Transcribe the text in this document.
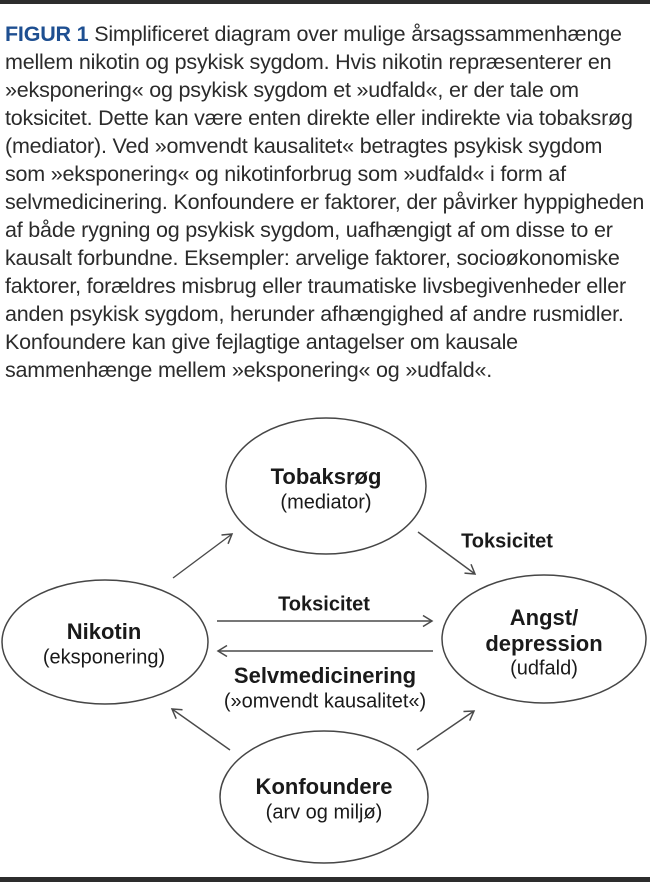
FIGUR 1 Simplificeret diagram over mulige årsagssammenhænge mellem nikotin og psykisk sygdom. Hvis nikotin repræsenterer en »eksponering« og psykisk sygdom et »udfald«, er der tale om toksicitet. Dette kan være enten direkte eller indirekte via tobaksrøg (mediator). Ved »omvendt kausalitet« betragtes psykisk sygdom som »eksponering« og nikotinforbrug som »udfald« i form af selvmedicinering. Konfoundere er faktorer, der påvirker hyppigheden af både rygning og psykisk sygdom, uafhængigt af om disse to er kausalt forbundne. Eksempler: arvelige faktorer, socioøkonomiske faktorer, forældres misbrug eller traumatiske livsbegivenheder eller anden psykisk sygdom, herunder afhængighed af andre rusmidler. Konfoundere kan give fejlagtige antagelser om kausale sammenhænge mellem »eksponering« og »udfald«.
Tobaksrøg
(mediator)
Nikotin
(eksponering)
Angst/
depression
(udfald)
Konfoundere
(arv og miljø)
Toksicitet
Toksicitet
Selvmedicinering
(»omvendt kausalitet«)
